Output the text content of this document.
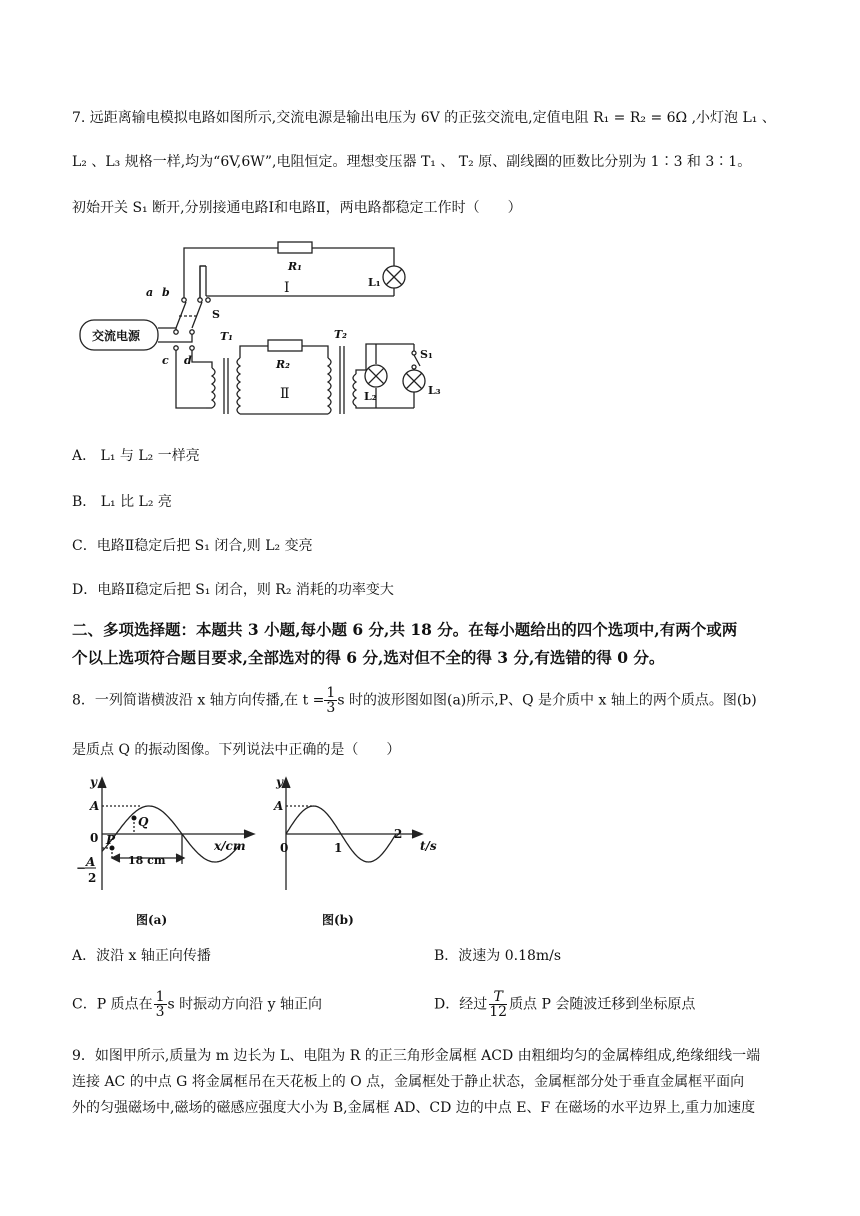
7. 远距离输电模拟电路如图所示,交流电源是输出电压为 6V 的正弦交流电,定值电阻 R₁ = R₂ = 6Ω ,小灯泡 L₁ 、
L₂ 、L₃ 规格一样,均为“6V,6W”,电阻恒定。理想变压器 T₁ 、 T₂ 原、副线圈的匝数比分别为 1∶3 和 3∶1。
初始开关 S₁ 断开,分别接通电路Ⅰ和电路Ⅱ，两电路都稳定工作时（　　）
a b
S
c d
T₁
R₂
T₂
S₁
L₂	L₃
R₁
L₁
Ⅰ
Ⅱ
交流电源
A． L₁ 与 L₂ 一样亮
B． L₁ 比 L₂ 亮
C．电路Ⅱ稳定后把 S₁ 闭合,则 L₂ 变亮
D．电路Ⅱ稳定后把 S₁ 闭合，则 R₂ 消耗的功率变大
二、多项选择题：本题共 3 小题,每小题 6 分,共 18 分。在每小题给出的四个选项中,有两个或两
个以上选项符合题目要求,全部选对的得 6 分,选对但不全的得 3 分,有选错的得 0 分。
8．一列简谐横波沿 x 轴方向传播,在 $t = \frac{1}{3}$ s 时的波形图如图(a)所示,P、Q 是介质中 x 轴上的两个质点。图(b)
是质点 Q 的振动图像。下列说法中正确的是（　　）
y
A
0 P
Q
− A
2
18 cm
x/cm
图(a)
y
A
0	1
2
t/s
图(b)
A．波沿 x 轴正向传播	B．波速为 0.18m/s
C．P 质点在 $\frac{1}{3}$ s 时振动方向沿 y 轴正向	D．经过 $\frac{T}{12}$ 质点 P 会随波迁移到坐标原点
9．如图甲所示,质量为 m 边长为 L、电阻为 R 的正三角形金属框 ACD 由粗细均匀的金属棒组成,绝缘细线一端
连接 AC 的中点 G 将金属框吊在天花板上的 O 点，金属框处于静止状态，金属框部分处于垂直金属框平面向
外的匀强磁场中,磁场的磁感应强度大小为 B,金属框 AD、CD 边的中点 E、F 在磁场的水平边界上,重力加速度
